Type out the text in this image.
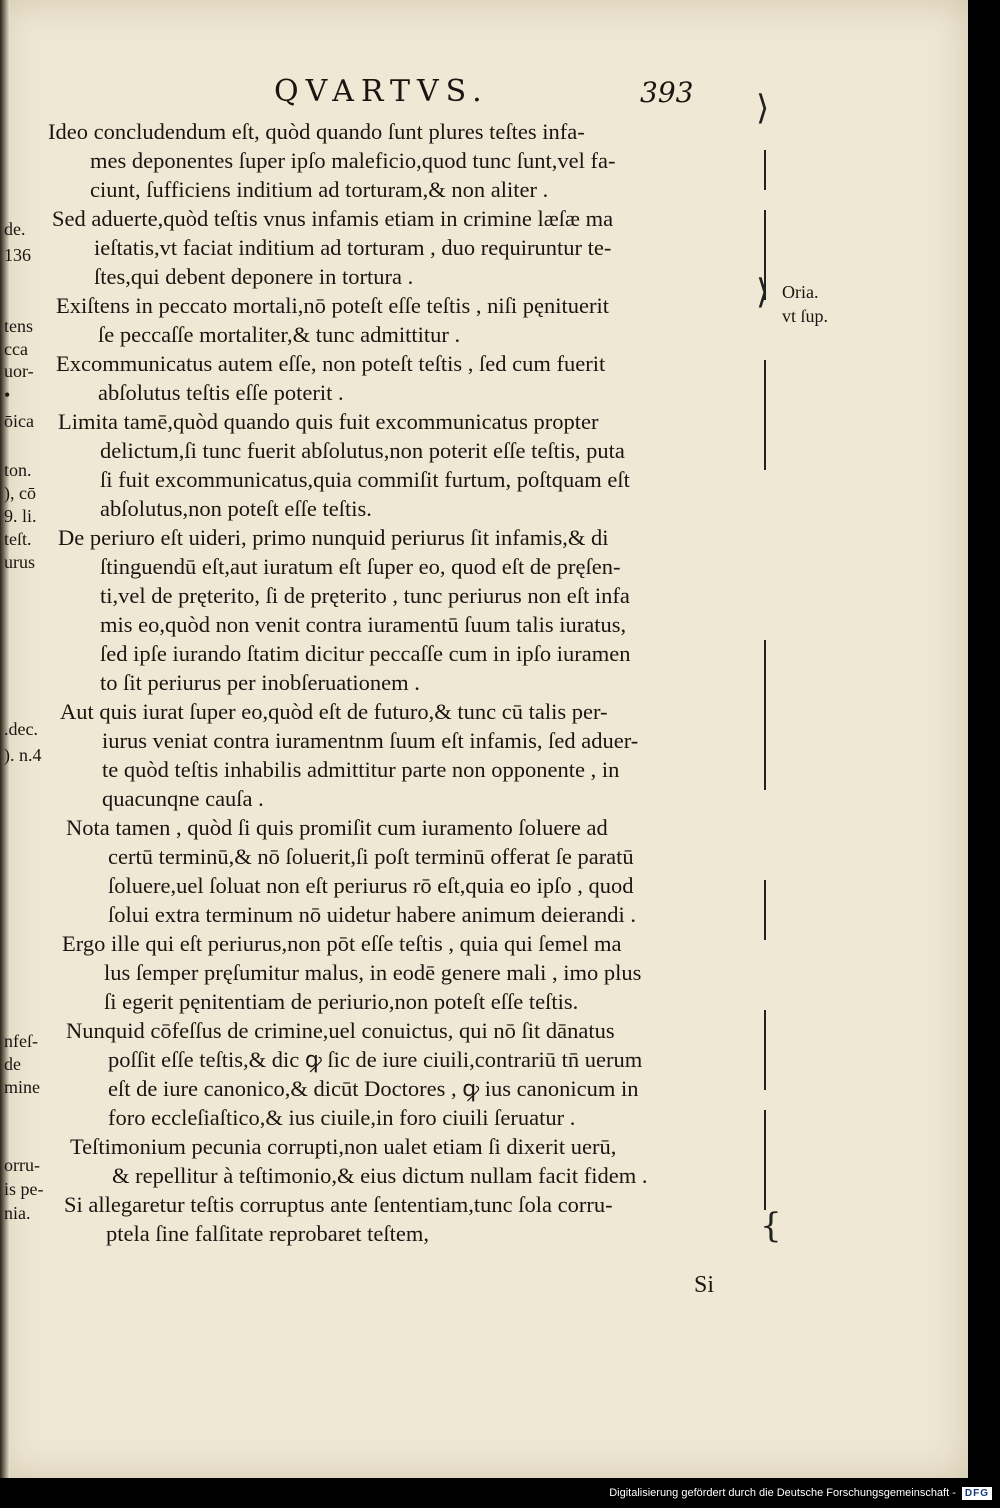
QVARTVS.	393
de.
136
tens
cca
uor-
•
ōica
ton.
), cō
9. li.
teſt.
urus
.dec.
). n.4
nfeſ-
de
mine
orru-
is pe-
nia.

Ideo concludendum eſt, quòd quando ſunt plures teſtes infa-
mes deponentes ſuper ipſo maleficio,quod tunc ſunt,vel fa-
ciunt, ſufficiens inditium ad torturam,& non aliter .

Sed aduerte,quòd teſtis vnus infamis etiam in crimine læſæ ma
ieſtatis,vt faciat inditium ad torturam , duo requiruntur te-
ſtes,qui debent deponere in tortura .

Exiſtens in peccato mortali,nō poteſt eſſe teſtis , niſi pęnituerit
ſe peccaſſe mortaliter,& tunc admittitur .

Excommunicatus autem eſſe, non poteſt teſtis , ſed cum fuerit
abſolutus teſtis eſſe poterit .

Limita tamē,quòd quando quis fuit excommunicatus propter
delictum,ſi tunc fuerit abſolutus,non poterit eſſe teſtis, puta
ſi fuit excommunicatus,quia commiſit furtum, poſtquam eſt
abſolutus,non poteſt eſſe teſtis.

De periuro eſt uideri, primo nunquid periurus ſit infamis,& di
ſtinguendū eſt,aut iuratum eſt ſuper eo, quod eſt de pręſen-
ti,vel de pręterito, ſi de pręterito , tunc periurus non eſt infa
mis eo,quòd non venit contra iuramentū ſuum talis iuratus,
ſed ipſe iurando ſtatim dicitur peccaſſe cum in ipſo iuramen
to ſit periurus per inobſeruationem .

Aut quis iurat ſuper eo,quòd eſt de futuro,& tunc cū talis per-
iurus veniat contra iuramentnm ſuum eſt infamis, ſed aduer-
te quòd teſtis inhabilis admittitur parte non opponente , in
quacunqne cauſa .

Nota tamen , quòd ſi quis promiſit cum iuramento ſoluere ad
certū terminū,& nō ſoluerit,ſi poſt terminū offerat ſe paratū
ſoluere,uel ſoluat non eſt periurus rō eſt,quia eo ipſo , quod
ſolui extra terminum nō uidetur habere animum deierandi .

Ergo ille qui eſt periurus,non pōt eſſe teſtis , quia qui ſemel ma
lus ſemper pręſumitur malus, in eodē genere mali , imo plus
ſi egerit pęnitentiam de periurio,non poteſt eſſe teſtis.

Nunquid cōfeſſus de crimine,uel conuictus, qui nō ſit dānatus
poſſit eſſe teſtis,& dic ꝙ ſic de iure ciuili,contrariū tn̄ uerum
eſt de iure canonico,& dicūt Doctores , ꝙ ius canonicum in
foro eccleſiaſtico,& ius ciuile,in foro ciuili ſeruatur .

Teſtimonium pecunia corrupti,non ualet etiam ſi dixerit uerū,
& repellitur à teſtimonio,& eius dictum nullam facit fidem .

Si allegaretur teſtis corruptus ante ſententiam,tunc ſola corru-
ptela ſine falſitate reprobaret teſtem,

⟩
⟩
{
Oria.
vt ſup.
Si
Digitalisierung gefördert durch die Deutsche Forschungsgemeinschaft - DFG
